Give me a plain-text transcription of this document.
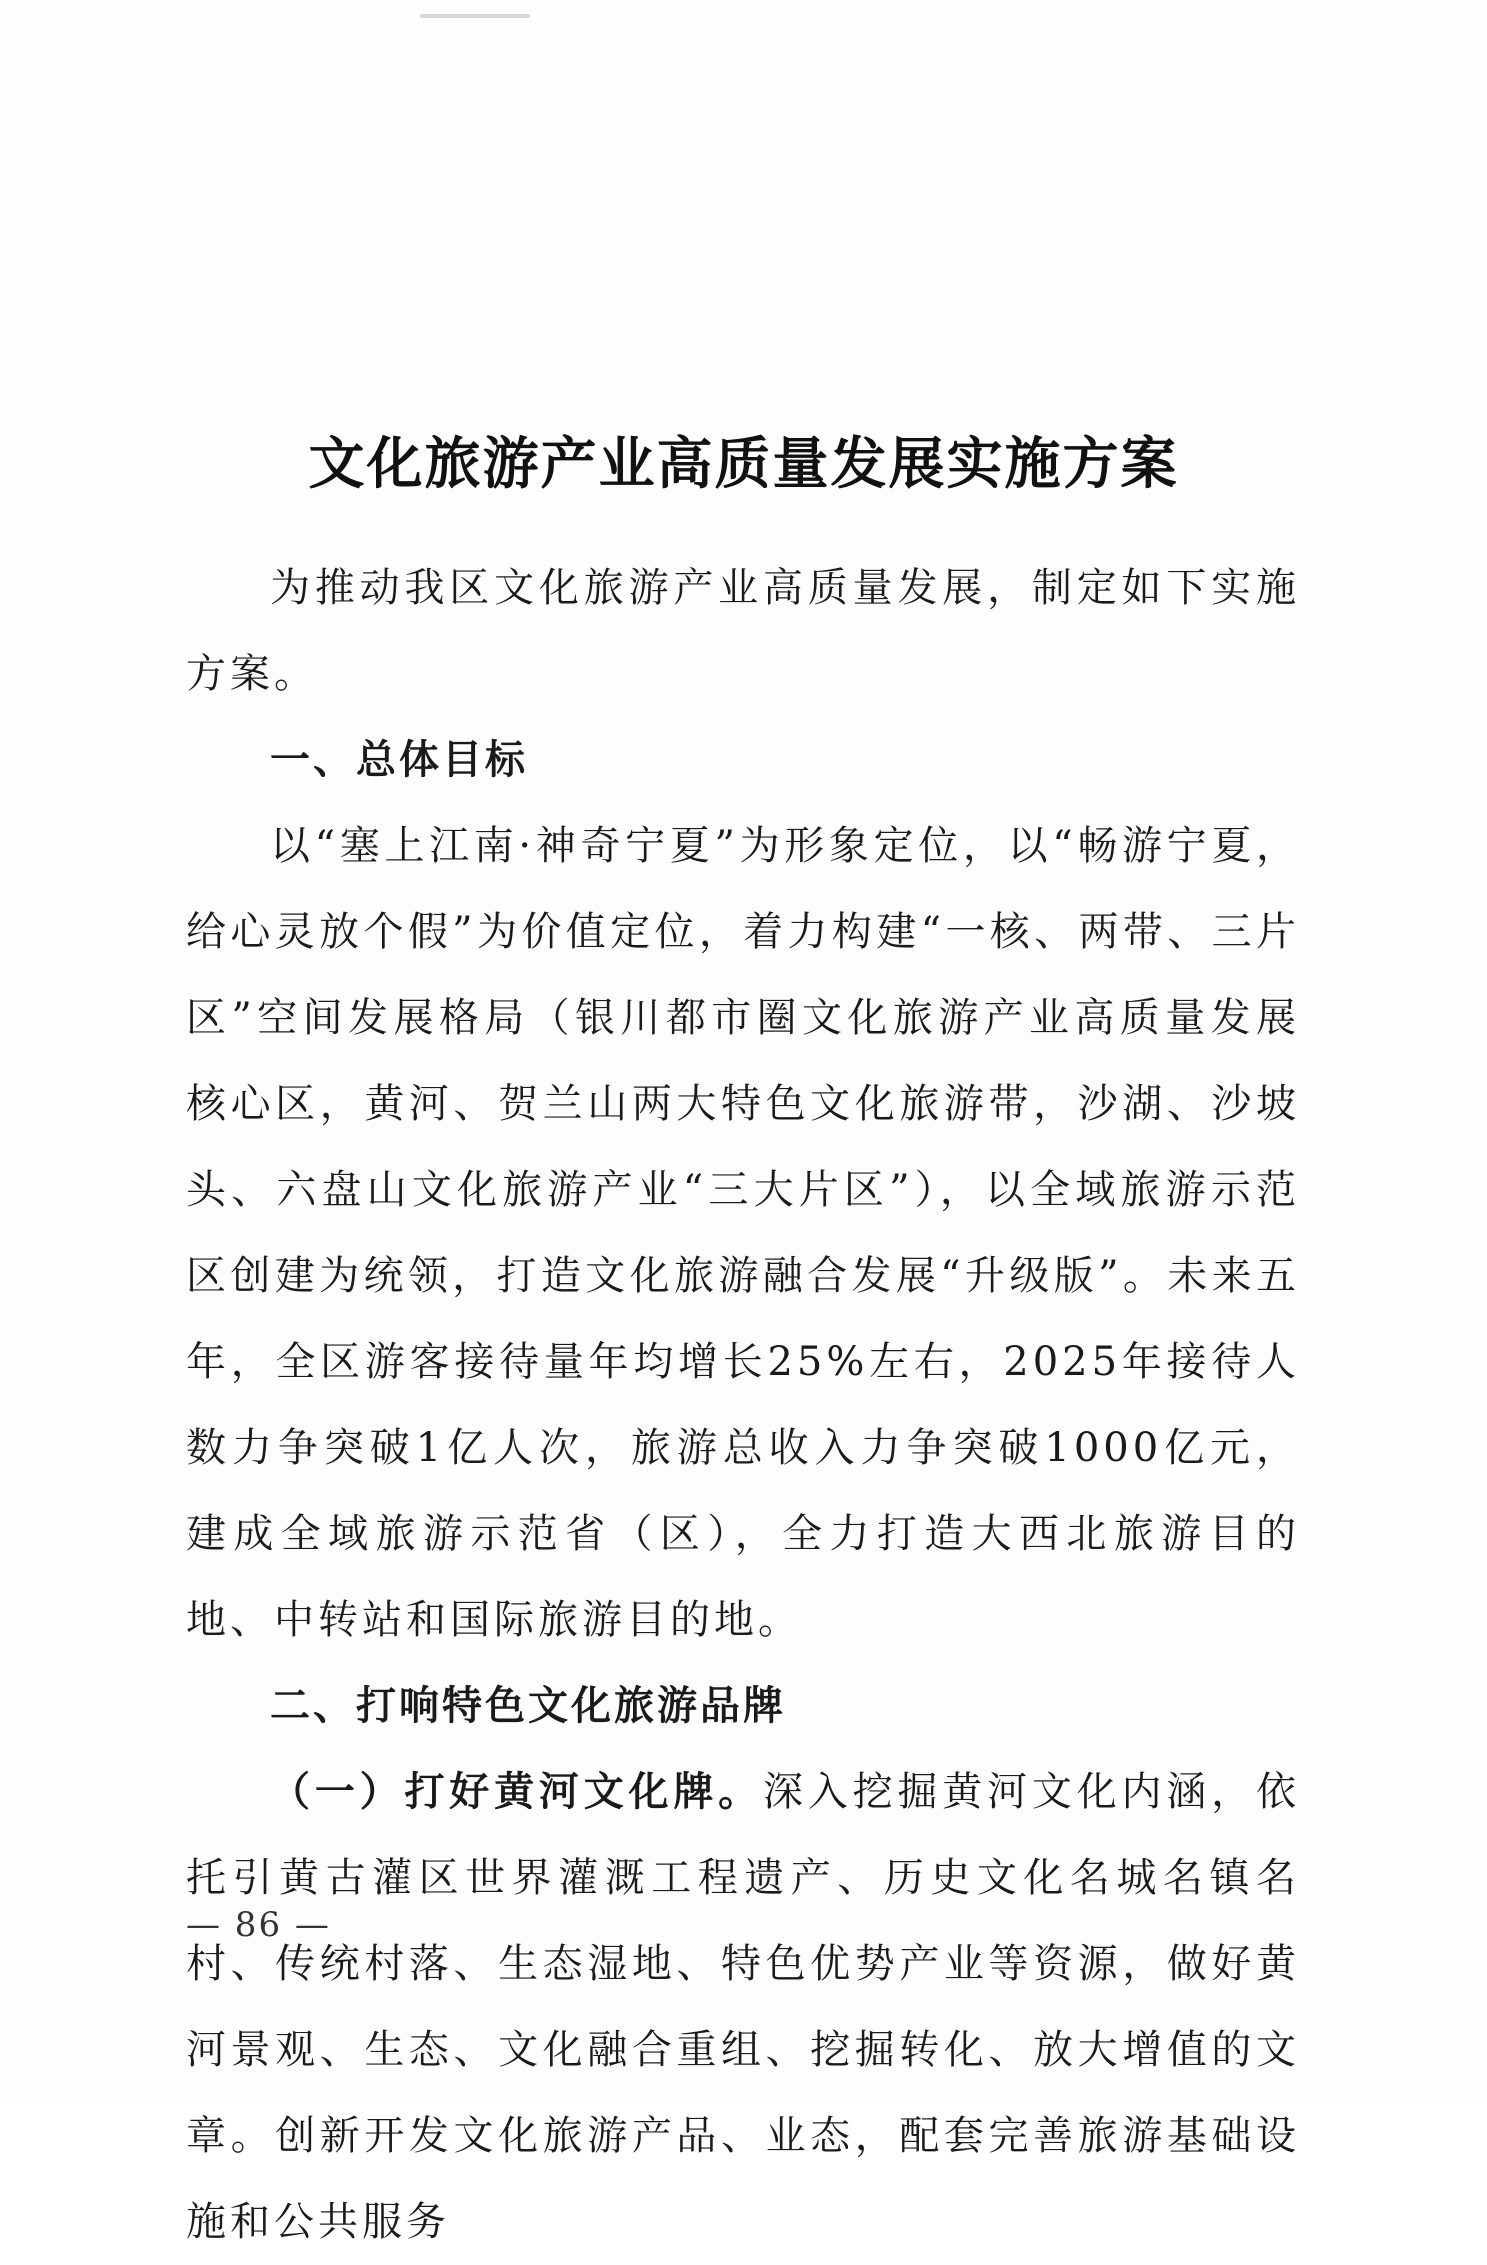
文化旅游产业高质量发展实施方案

为推动我区文化旅游产业高质量发展，制定如下实施方案。

一、总体目标

以“塞上江南·神奇宁夏”为形象定位，以“畅游宁夏，给心灵放个假”为价值定位，着力构建“一核、两带、三片区”空间发展格局（银川都市圈文化旅游产业高质量发展核心区，黄河、贺兰山两大特色文化旅游带，沙湖、沙坡头、六盘山文化旅游产业“三大片区”），以全域旅游示范区创建为统领，打造文化旅游融合发展“升级版”。未来五年，全区游客接待量年均增长25%左右，2025年接待人数力争突破1亿人次，旅游总收入力争突破1000亿元，建成全域旅游示范省（区），全力打造大西北旅游目的地、中转站和国际旅游目的地。

二、打响特色文化旅游品牌

（一）打好黄河文化牌。深入挖掘黄河文化内涵，依托引黄古灌区世界灌溉工程遗产、历史文化名城名镇名村、传统村落、生态湿地、特色优势产业等资源，做好黄河景观、生态、文化融合重组、挖掘转化、放大增值的文章。创新开发文化旅游产品、业态，配套完善旅游基础设施和公共服务

— 86 —
